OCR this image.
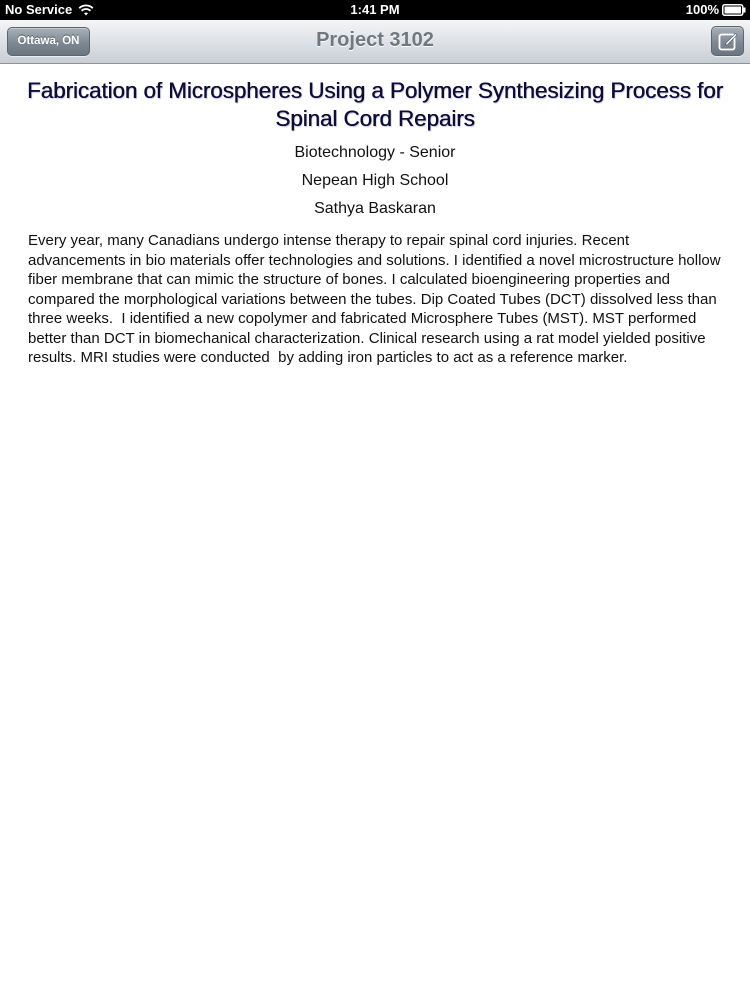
No Service	1:41 PM	100%
Ottawa, ON	Project 3102
Fabrication of Microspheres Using a Polymer Synthesizing Process for Spinal Cord Repairs
Biotechnology - Senior
Nepean High School
Sathya Baskaran
Every year, many Canadians undergo intense therapy to repair spinal cord injuries. Recent advancements in bio materials offer technologies and solutions. I identified a novel microstructure hollow fiber membrane that can mimic the structure of bones. I calculated bioengineering properties and compared the morphological variations between the tubes. Dip Coated Tubes (DCT) dissolved less than three weeks.  I identified a new copolymer and fabricated Microsphere Tubes (MST). MST performed better than DCT in biomechanical characterization. Clinical research using a rat model yielded positive results. MRI studies were conducted  by adding iron particles to act as a reference marker.
